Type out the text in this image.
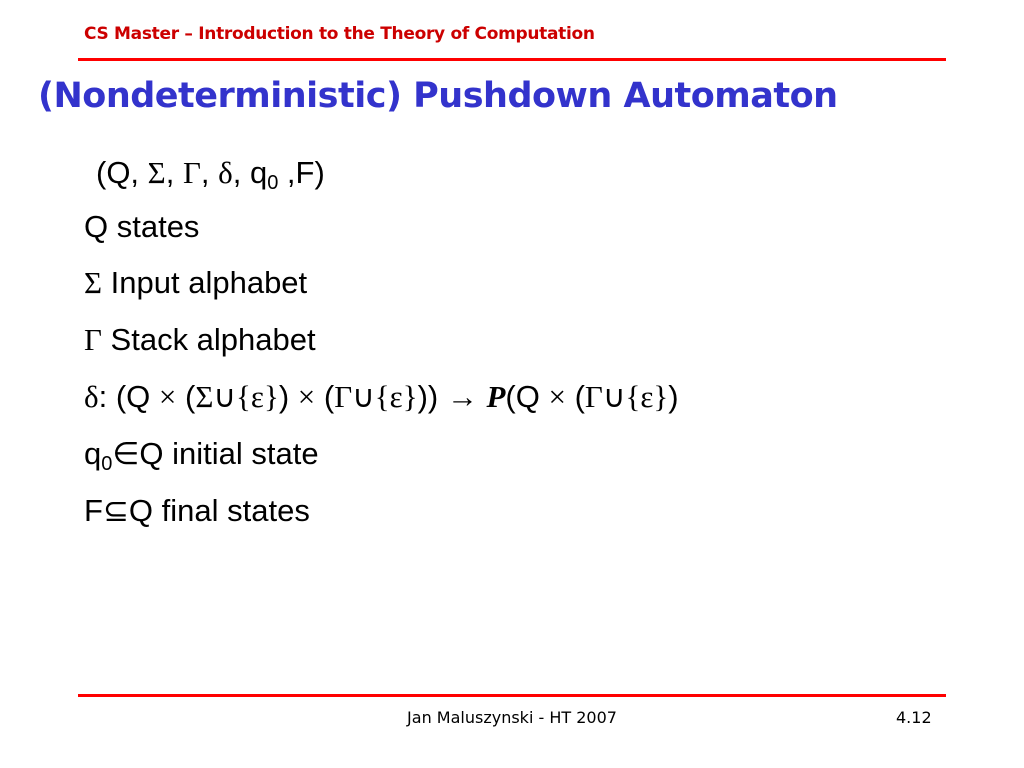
CS Master – Introduction to the Theory of Computation
(Nondeterministic) Pushdown Automaton
(Q, Σ, Γ, δ, $q_0$ ,F)
Q states
Σ Input alphabet
Γ Stack alphabet
δ: (Q × (Σ∪{ε}) × (Γ∪{ε})) → P(Q × (Γ∪{ε})
$q_0\in Q$ initial state
F⊆Q final states
Jan Maluszynski - HT 2007	4.12
